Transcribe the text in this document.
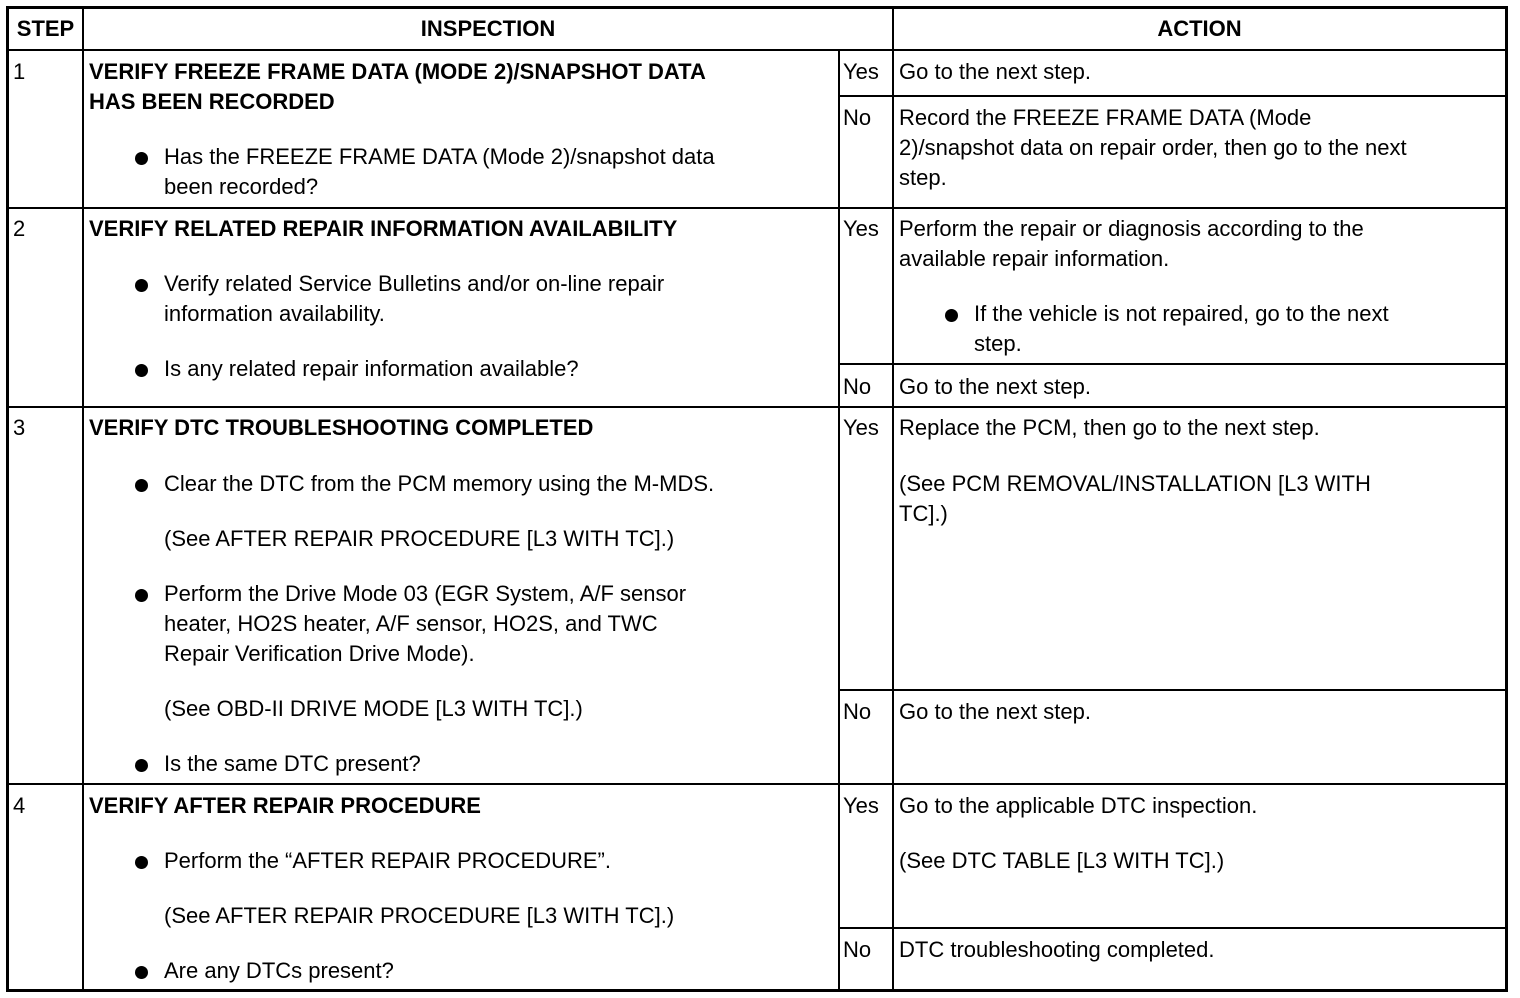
STEP	INSPECTION	ACTION
1	VERIFY FREEZE FRAME DATA (MODE 2)/SNAPSHOT DATA
HAS BEEN RECORDED
Has the FREEZE FRAME DATA (Mode 2)/snapshot data
been recorded?
Yes Go to the next step.
No Record the FREEZE FRAME DATA (Mode
2)/snapshot data on repair order, then go to the next
step.
2	VERIFY RELATED REPAIR INFORMATION AVAILABILITY
Verify related Service Bulletins and/or on-line repair
information availability.
Is any related repair information available?
Yes Perform the repair or diagnosis according to the
available repair information.
If the vehicle is not repaired, go to the next
step.
No Go to the next step.
3	VERIFY DTC TROUBLESHOOTING COMPLETED
Clear the DTC from the PCM memory using the M-MDS.
(See AFTER REPAIR PROCEDURE [L3 WITH TC].)
Perform the Drive Mode 03 (EGR System, A/F sensor
heater, HO2S heater, A/F sensor, HO2S, and TWC
Repair Verification Drive Mode).
(See OBD-II DRIVE MODE [L3 WITH TC].)
Is the same DTC present?
Yes Replace the PCM, then go to the next step.
(See PCM REMOVAL/INSTALLATION [L3 WITH
TC].)
No Go to the next step.
4	VERIFY AFTER REPAIR PROCEDURE
Perform the “AFTER REPAIR PROCEDURE”.
(See AFTER REPAIR PROCEDURE [L3 WITH TC].)
Are any DTCs present?
Yes Go to the applicable DTC inspection.
(See DTC TABLE [L3 WITH TC].)
No DTC troubleshooting completed.
